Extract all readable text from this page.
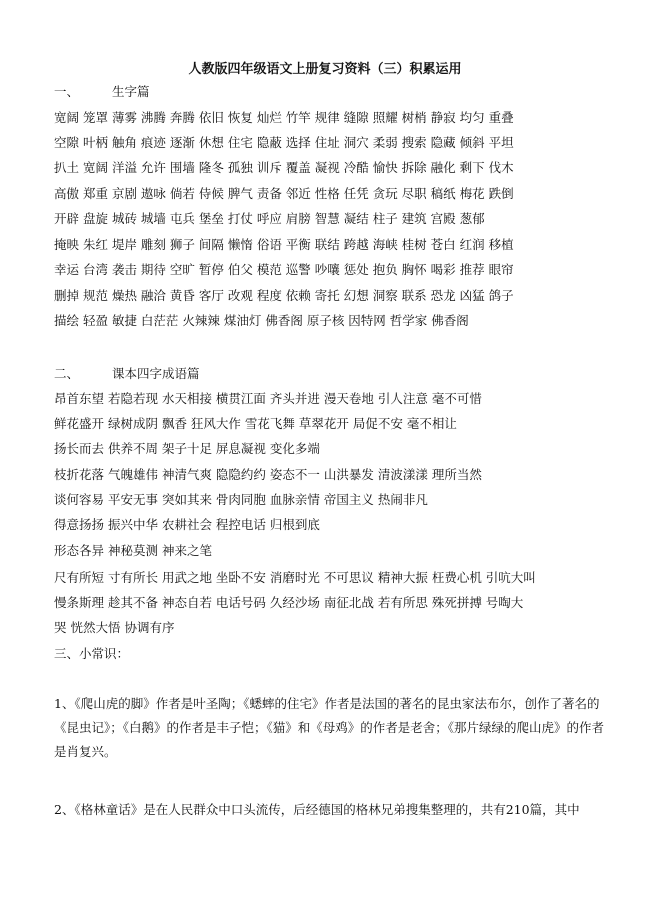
人教版四年级语文上册复习资料（三）积累运用
一、	生字篇
宽阔 笼罩 薄雾 沸腾 奔腾 依旧 恢复 灿烂 竹竿 规律 缝隙 照耀 树梢 静寂 均匀 重叠
空隙 叶柄 触角 痕迹 逐渐 休想 住宅 隐蔽 选择 住址 洞穴 柔弱 搜索 隐藏 倾斜 平坦
扒土 宽阔 洋溢 允许 围墙 隆冬 孤独 训斥 覆盖 凝视 冷酷 愉快 拆除 融化 剩下 伐木
高傲 郑重 京剧 遨咏 倘若 侍候 脾气 责备 邻近 性格 任凭 贪玩 尽职 稿纸 梅花 跌倒
开辟 盘旋 城砖 城墙 屯兵 堡垒 打仗 呼应 肩膀 智慧 凝结 柱子 建筑 宫殿 葱郁
掩映 朱红 堤岸 雕刻 狮子 间隔 懒惰 俗语 平衡 联结 跨越 海峡 桂树 苍白 红润 移植
幸运 台湾 袭击 期待 空旷 暂停 伯父 模范 巡警 吵嚷 惩处 抱负 胸怀 喝彩 推荐 眼帘
删掉 规范 燥热 融洽 黄昏 客厅 改观 程度 依赖 寄托 幻想 洞察 联系 恐龙 凶猛 鸽子
描绘 轻盈 敏捷 白茫茫 火辣辣 煤油灯 佛香阁 原子核 因特网 哲学家 佛香阁
二、	课本四字成语篇
昂首东望 若隐若现 水天相接 横贯江面 齐头并进 漫天卷地 引人注意 毫不可惜
鲜花盛开 绿树成阴 飘香 狂风大作 雪花飞舞 草翠花开 局促不安 毫不相让
扬长而去 供养不周 架子十足 屏息凝视 变化多端
枝折花落 气魄雄伟 神清气爽 隐隐约约 姿态不一 山洪暴发 清波漾漾 理所当然
谈何容易 平安无事 突如其来 骨肉同胞 血脉亲情 帝国主义 热闹非凡
得意扬扬 振兴中华 农耕社会 程控电话 归根到底
形态各异 神秘莫测 神来之笔
尺有所短 寸有所长 用武之地 坐卧不安 消磨时光 不可思议 精神大振 枉费心机 引吭大叫
慢条斯理 趁其不备 神态自若 电话号码 久经沙场 南征北战 若有所思 殊死拼搏 号啕大
哭 恍然大悟 协调有序
三、小常识：
1、《爬山虎的脚》作者是叶圣陶；《蟋蟀的住宅》作者是法国的著名的昆虫家法布尔，创作了著名的《昆虫记》；《白鹅》的作者是丰子恺；《猫》和《母鸡》的作者是老舍；《那片绿绿的爬山虎》的作者是肖复兴。
2、《格林童话》是在人民群众中口头流传，后经德国的格林兄弟搜集整理的，共有210篇，其中
